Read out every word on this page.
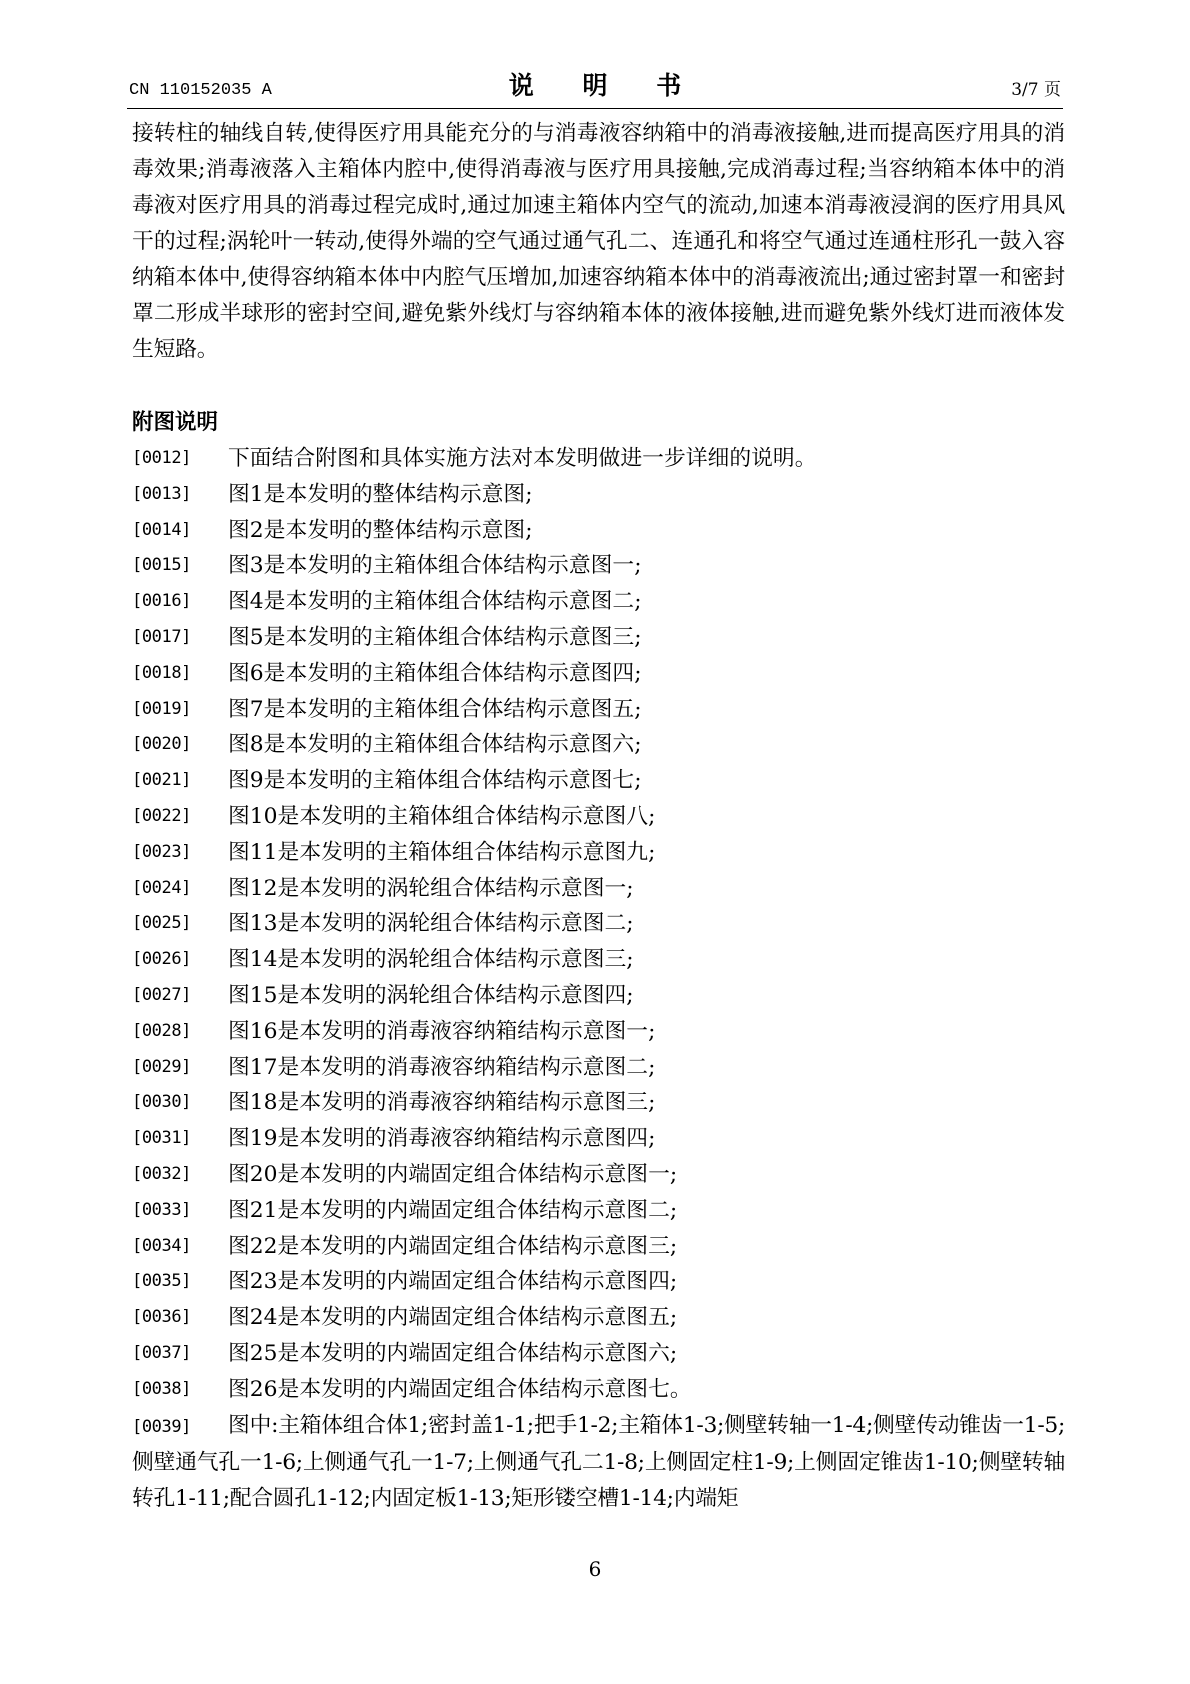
CN 110152035 A	说 明 书	3/7 页

接转柱的轴线自转,使得医疗用具能充分的与消毒液容纳箱中的消毒液接触,进而提高医疗用具的消毒效果;消毒液落入主箱体内腔中,使得消毒液与医疗用具接触,完成消毒过程;当容纳箱本体中的消毒液对医疗用具的消毒过程完成时,通过加速主箱体内空气的流动,加速本消毒液浸润的医疗用具风干的过程;涡轮叶一转动,使得外端的空气通过通气孔二、连通孔和将空气通过连通柱形孔一鼓入容纳箱本体中,使得容纳箱本体中内腔气压增加,加速容纳箱本体中的消毒液流出;通过密封罩一和密封罩二形成半球形的密封空间,避免紫外线灯与容纳箱本体的液体接触,进而避免紫外线灯进而液体发生短路。

附图说明
[0012]	下面结合附图和具体实施方法对本发明做进一步详细的说明。
[0013]	图1是本发明的整体结构示意图;
[0014]	图2是本发明的整体结构示意图;
[0015]	图3是本发明的主箱体组合体结构示意图一;
[0016]	图4是本发明的主箱体组合体结构示意图二;
[0017]	图5是本发明的主箱体组合体结构示意图三;
[0018]	图6是本发明的主箱体组合体结构示意图四;
[0019]	图7是本发明的主箱体组合体结构示意图五;
[0020]	图8是本发明的主箱体组合体结构示意图六;
[0021]	图9是本发明的主箱体组合体结构示意图七;
[0022]	图10是本发明的主箱体组合体结构示意图八;
[0023]	图11是本发明的主箱体组合体结构示意图九;
[0024]	图12是本发明的涡轮组合体结构示意图一;
[0025]	图13是本发明的涡轮组合体结构示意图二;
[0026]	图14是本发明的涡轮组合体结构示意图三;
[0027]	图15是本发明的涡轮组合体结构示意图四;
[0028]	图16是本发明的消毒液容纳箱结构示意图一;
[0029]	图17是本发明的消毒液容纳箱结构示意图二;
[0030]	图18是本发明的消毒液容纳箱结构示意图三;
[0031]	图19是本发明的消毒液容纳箱结构示意图四;
[0032]	图20是本发明的内端固定组合体结构示意图一;
[0033]	图21是本发明的内端固定组合体结构示意图二;
[0034]	图22是本发明的内端固定组合体结构示意图三;
[0035]	图23是本发明的内端固定组合体结构示意图四;
[0036]	图24是本发明的内端固定组合体结构示意图五;
[0037]	图25是本发明的内端固定组合体结构示意图六;
[0038]	图26是本发明的内端固定组合体结构示意图七。

[0039] 图中:主箱体组合体1;密封盖1-1;把手1-2;主箱体1-3;侧壁转轴一1-4;侧壁传动锥齿一1-5;侧壁通气孔一1-6;上侧通气孔一1-7;上侧通气孔二1-8;上侧固定柱1-9;上侧固定锥齿1-10;侧壁转轴转孔1-11;配合圆孔1-12;内固定板1-13;矩形镂空槽1-14;内端矩

6
